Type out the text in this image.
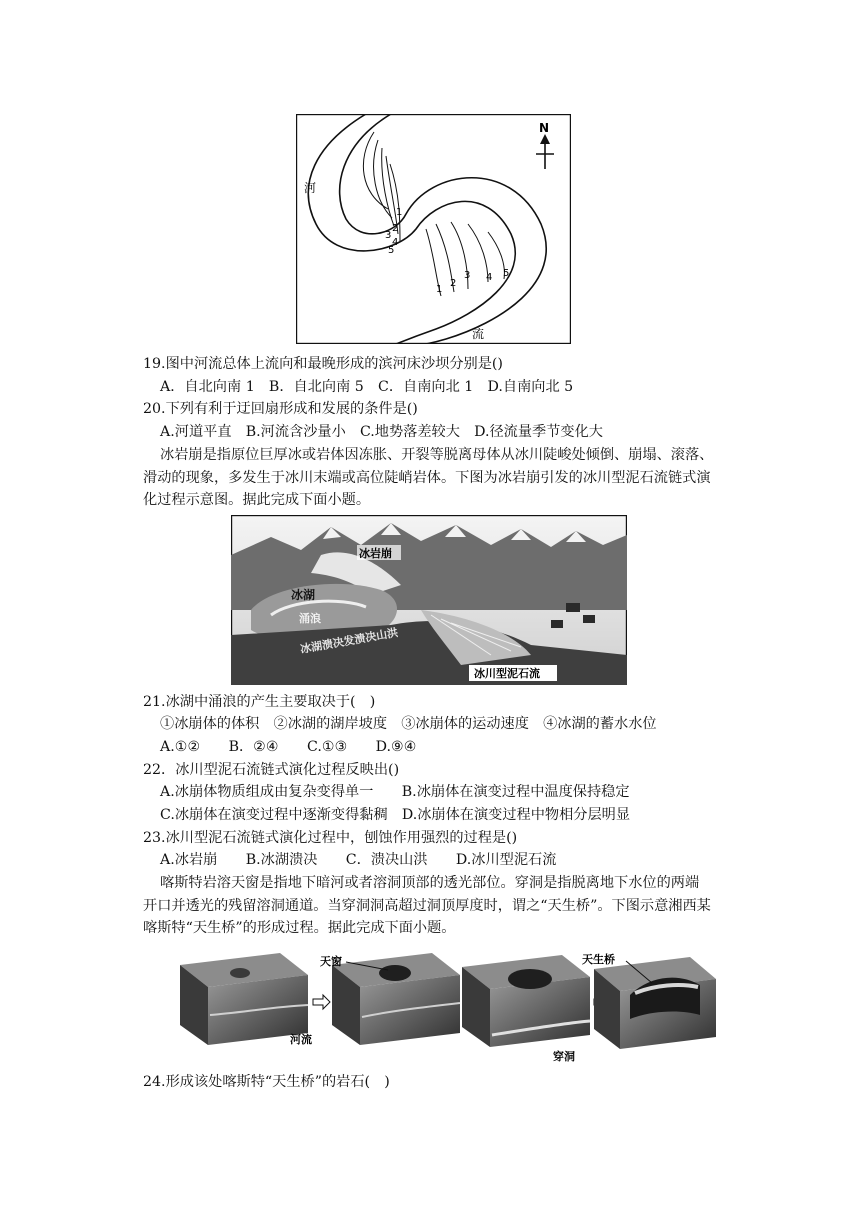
1
2
3
4
5
1
2
3 4 5
河
流
N
19.图中河流总体上流向和最晚形成的滨河床沙坝分别是()
A．自北向南 1　B．自北向南 5　C．自南向北 1　D.自南向北 5
20.下列有利于迂回扇形成和发展的条件是()
A.河道平直　B.河流含沙量小　C.地势落差较大　D.径流量季节变化大
冰岩崩是指原位巨厚冰或岩体因冻胀、开裂等脱离母体从冰川陡峻处倾倒、崩塌、滚落、
滑动的现象，多发生于冰川末端或高位陡峭岩体。下图为冰岩崩引发的冰川型泥石流链式演
化过程示意图。据此完成下面小题。
冰岩崩
冰湖
涌浪
冰湖溃决发溃决山洪
冰川型泥石流
21.冰湖中涌浪的产生主要取决于(　)
①冰崩体的体积　②冰湖的湖岸坡度　③冰崩体的运动速度　④冰湖的蓄水水位
A.①②　　B．②④　　C.①③　　D.⑨④
22．冰川型泥石流链式演化过程反映出()
A.冰崩体物质组成由复杂变得单一　　B.冰崩体在演变过程中温度保持稳定
C.冰崩体在演变过程中逐渐变得黏稠　D.冰崩体在演变过程中物相分层明显
23.冰川型泥石流链式演化过程中，刨蚀作用强烈的过程是()
A.冰岩崩　　B.冰湖溃决　　C．溃决山洪　　D.冰川型泥石流
喀斯特岩溶天窗是指地下暗河或者溶洞顶部的透光部位。穿洞是指脱离地下水位的两端
开口并透光的残留溶洞通道。当穿洞洞高超过洞顶厚度时，谓之“天生桥”。下图示意湘西某
喀斯特“天生桥”的形成过程。据此完成下面小题。
天窗
河流
穿洞
天生桥
24.形成该处喀斯特“天生桥”的岩石(　)
